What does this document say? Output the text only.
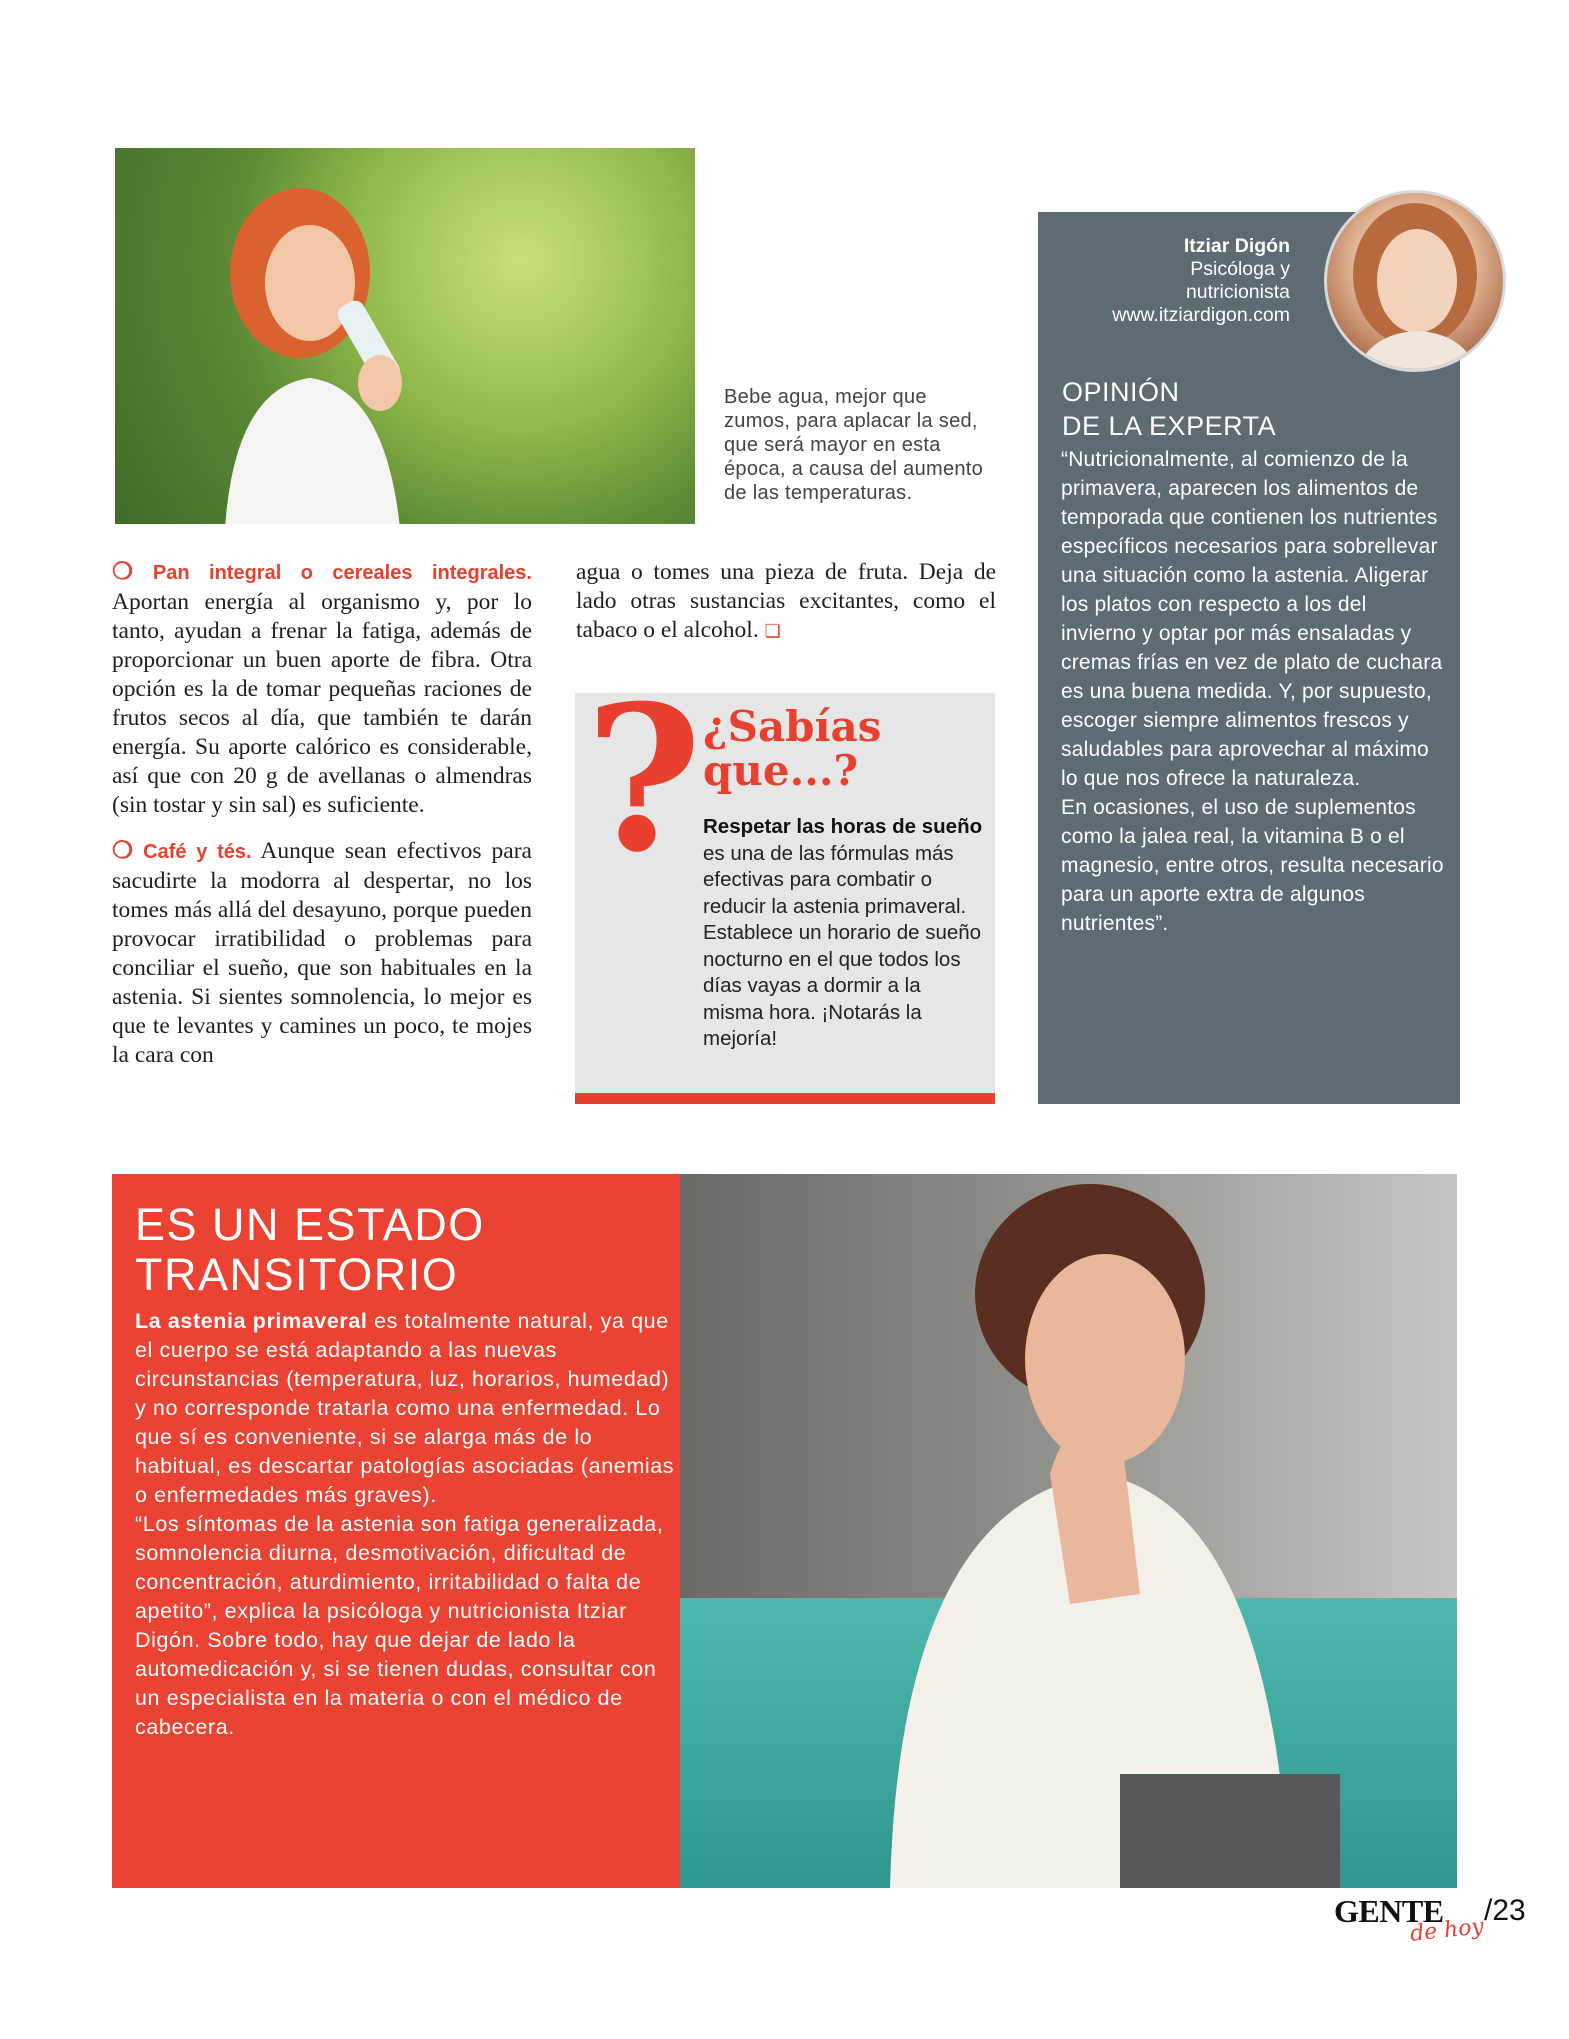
Bebe agua, mejor que zumos, para aplacar la sed, que será mayor en esta época, a causa del aumento de las temperaturas.
❍ Pan integral o cereales integrales. Aportan energía al organismo y, por lo tanto, ayudan a frenar la fatiga, además de proporcionar un buen aporte de fibra. Otra opción es la de tomar pequeñas raciones de frutos secos al día, que también te darán energía. Su aporte calórico es considerable, así que con 20 g de avellanas o almendras (sin tostar y sin sal) es suficiente.
❍ Café y tés. Aunque sean efectivos para sacudirte la modorra al despertar, no los tomes más allá del desayuno, porque pueden provocar irratibilidad o problemas para conciliar el sueño, que son habituales en la astenia. Si sientes somnolencia, lo mejor es que te levantes y camines un poco, te mojes la cara con
agua o tomes una pieza de fruta. Deja de lado otras sustancias excitantes, como el tabaco o el alcohol. ❏
? ¿Sabías que...?
Respetar las horas de sueño es una de las fórmulas más efectivas para combatir o reducir la astenia primaveral. Establece un horario de sueño nocturno en el que todos los días vayas a dormir a la misma hora. ¡Notarás la mejoría!
Itziar Digón
Psicóloga y
nutricionista
www.itziardigon.com
OPINIÓN
DE LA EXPERTA
“Nutricionalmente, al comienzo de la primavera, aparecen los alimentos de temporada que contienen los nutrientes específicos necesarios para sobrellevar una situación como la astenia. Aligerar los platos con respecto a los del invierno y optar por más ensaladas y cremas frías en vez de plato de cuchara es una buena medida. Y, por supuesto, escoger siempre alimentos frescos y saludables para aprovechar al máximo lo que nos ofrece la naturaleza.
En ocasiones, el uso de suplementos como la jalea real, la vitamina B o el magnesio, entre otros, resulta necesario para un aporte extra de algunos nutrientes”.
ES UN ESTADO
TRANSITORIO
La astenia primaveral es totalmente natural, ya que el cuerpo se está adaptando a las nuevas circunstancias (temperatura, luz, horarios, humedad) y no corresponde tratarla como una enfermedad. Lo que sí es conveniente, si se alarga más de lo habitual, es descartar patologías asociadas (anemias o enfermedades más graves).
“Los síntomas de la astenia son fatiga generalizada, somnolencia diurna, desmotivación, dificultad de concentración, aturdimiento, irritabilidad o falta de apetito”, explica la psicóloga y nutricionista Itziar Digón. Sobre todo, hay que dejar de lado la automedicación y, si se tienen dudas, consultar con un especialista en la materia o con el médico de cabecera.
GENTE
de hoy
/23
